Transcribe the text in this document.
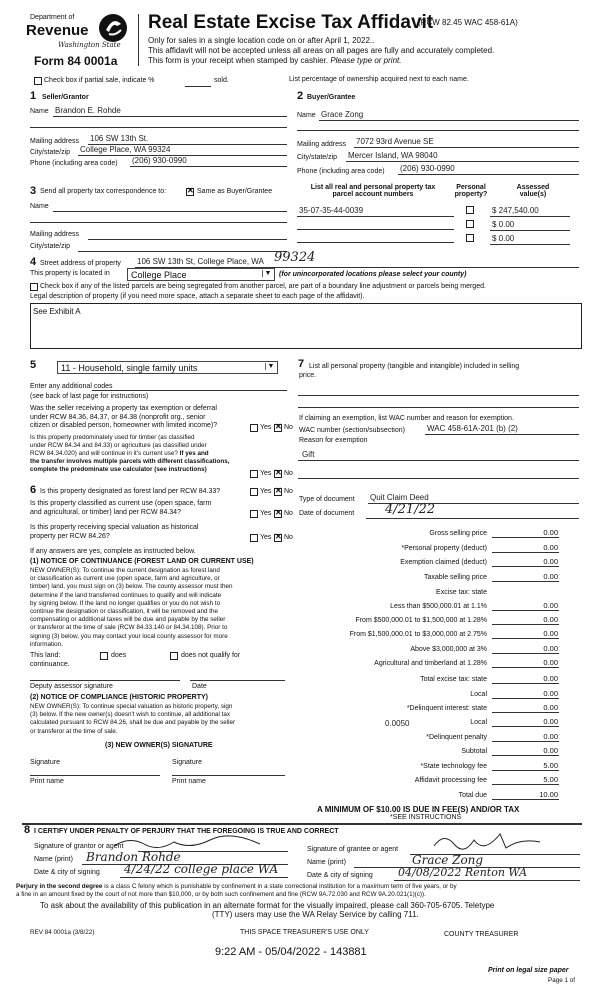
Department of
Revenue
Washington State
Form 84 0001a
Real Estate Excise Tax Affidavit
(RCW 82.45 WAC 458-61A)
Only for sales in a single location code on or after April 1, 2022..
This affidavit will not be accepted unless all areas on all pages are fully and accurately completed.
This form is your receipt when stamped by cashier. Please type or print.
Check box if partial sale, indicate %	sold.	List percentage of ownership acquired next to each name.
1 Seller/Grantor
Name Brandon E. Rohde
Mailing address 106 SW 13th St.
City/state/zip College Place, WA 99324
Phone (including area code) (206) 930-0990
2 Buyer/Grantee
Name Grace Zong
Mailing address 7072 93rd Avenue SE
City/state/zip Mercer Island, WA 98040
Phone (including area code) (206) 930-0990
3 Send all property tax correspondence to: ✕	Same as Buyer/Grantee
Name
Mailing address
City/state/zip
List all real and personal property tax
parcel account numbers
Personal
property?
Assessed
value(s)
35-07-35-44-0039	$ 247,540.00
$ 0.00
$ 0.00
4 Street address of property 106 SW 13th St, College Place, WA 99324
This property is located in	College Place	▼ (for unincorporated locations please select your county)
Check box if any of the listed parcels are being segregated from another parcel, are part of a boundary line adjustment or parcels being merged.
Legal description of property (if you need more space, attach a separate sheet to each page of the affidavit).
See Exhibit A
5	11 - Household, single family units	▼
Enter any additional codes
(see back of last page for instructions)
Was the seller receiving a property tax exemption or deferral
under RCW 84.36, 84.37, or 84.38 (nonprofit org., senior
citizen or disabled person, homeowner with limited income)?	Yes ✕ No
Is this property predominately used for timber (as classified
under RCW 84.34 and 84.33) or agriculture (as classified under
RCW 84.34.020) and will continue in it's current use? If yes and
the transfer involves multiple parcels with different classifications,
complete the predominate use calculator (see instructions)
Yes ✕ No
6 Is this property designated as forest land per RCW 84.33?	Yes ✕ No
Is this property classified as current use (open space, farm
and agricultural, or timber) land per RCW 84.34?	Yes ✕ No
Is this property receiving special valuation as historical
property per RCW 84.26?	Yes ✕ No
If any answers are yes, complete as instructed below.
(1) NOTICE OF CONTINUANCE (FOREST LAND OR CURRENT USE)
NEW OWNER(S): To continue the current designation as forest land
or classification as current use (open space, farm and agriculture, or
timber) land, you must sign on (3) below. The county assessor must then
determine if the land transferred continues to qualify and will indicate
by signing below. If the land no longer qualifies or you do not wish to
continue the designation or classification, it will be removed and the
compensating or additional taxes will be due and payable by the seller
or transferor at the time of sale (RCW 84.33.140 or 84.34.108). Prior to
signing (3) below, you may contact your local county assessor for more
information.
This land:	does	does not qualify for
continuance.
Deputy assessor signature	Date
(2) NOTICE OF COMPLIANCE (HISTORIC PROPERTY)
NEW OWNER(S): To continue special valuation as historic property, sign
(3) below. If the new owner(s) doesn't wish to continue, all additional tax
calculated pursuant to RCW 84.26, shall be due and payable by the seller
or transferor at the time of sale.
(3) NEW OWNER(S) SIGNATURE
Signature	Signature
Print name	Print name
7 List all personal property (tangible and intangible) included in selling
price.
If claiming an exemption, list WAC number and reason for exemption.
WAC number (section/subsection)	WAC 458-61A-201 (b) (2)
Reason for exemption
Gift
Type of document Quit Claim Deed
Date of document 4/21/22
Gross selling price	0.00
*Personal property (deduct)	0.00
Exemption claimed (deduct)	0.00
Taxable selling price	0.00
Excise tax: state
Less than $500,000.01 at 1.1%	0.00
From $500,000.01 to $1,500,000 at 1.28%	0.00
From $1,500,000.01 to $3,000,000 at 2.75%	0.00
Above $3,000,000 at 3%	0.00
Agricultural and timberland at 1.28%	0.00
Total excise tax: state	0.00
Local	0.00
*Delinquent interest: state	0.00
Local	0.00
*Delinquent penalty	0.00
Subtotal	0.00
*State technology fee	5.00
Affidavit processing fee	5.00
Total due	10.00
0.0050
A MINIMUM OF $10.00 IS DUE IN FEE(S) AND/OR TAX
*SEE INSTRUCTIONS
8 I CERTIFY UNDER PENALTY OF PERJURY THAT THE FOREGOING IS TRUE AND CORRECT
Signature of grantor or agent
Name (print) Brandon Rohde
Date & city of signing 4/24/22 college place WA
Signature of grantee or agent
Name (print)	Grace Zong
Date & city of signing 04/08/2022 Renton WA
Perjury in the second degree is a class C felony which is punishable by confinement in a state correctional institution for a maximum term of five years, or by
a fine in an amount fixed by the court of not more than $10,000, or by both such confinement and fine (RCW 9A.72.030 and RCW 9A.20.021(1)(c)).
To ask about the availability of this publication in an alternate format for the visually impaired, please call 360-705-6705. Teletype
(TTY) users may use the WA Relay Service by calling 711.
REV 84 0001a (3/8/22)	THIS SPACE TREASURER'S USE ONLY	COUNTY TREASURER
9:22 AM - 05/04/2022 - 143881
Print on legal size paper
Page 1 of
